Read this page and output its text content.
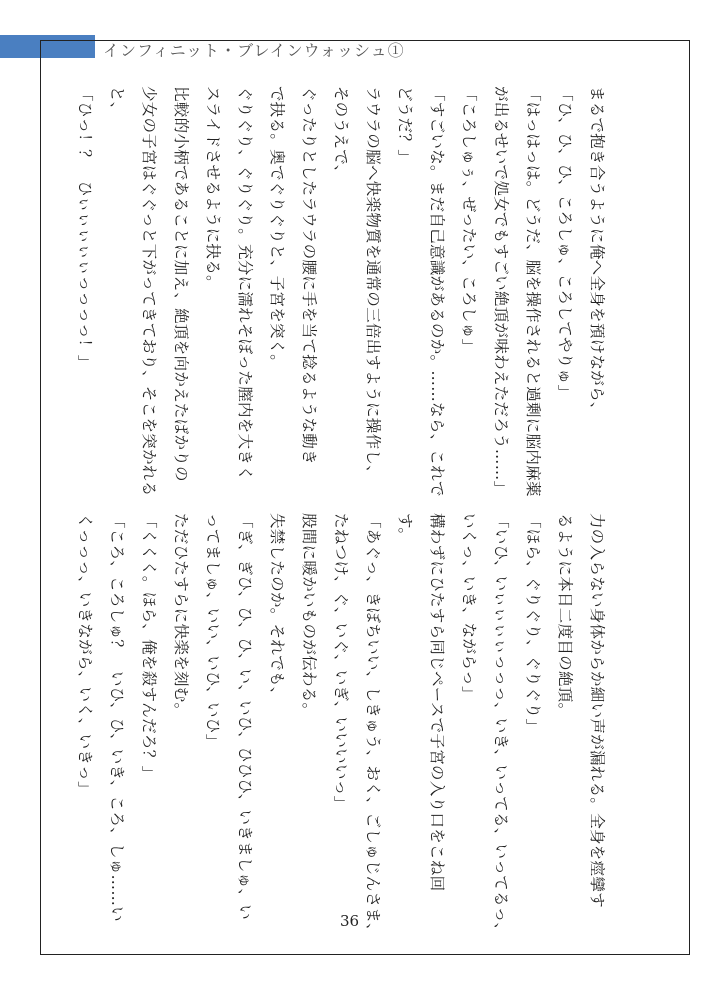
インフィニット・ブレインウォッシュ①
まるで抱き合うように俺へ全身を預けながら、
「ひ、ひ、ひ、ころしゅ、ころしてやりゅ」
「はっはっは。どうだ、脳を操作されると過剰に脳内麻薬
が出るせいで処女でもすごい絶頂が味わえただろう……」
「ころしゅぅ、ぜったい、ころしゅ」
「すごいな。まだ自己意識があるのか。……なら、これで
どうだ？」
ラウラの脳へ快楽物質を通常の三倍出すように操作し、
そのうえで、
ぐったりとしたラウラの腰に手を当て捻るような動き
で抉る。奥でぐりぐりと、子宮を突く。
ぐりぐり、ぐりぐり。充分に濡れそぼった膣内を大きく
スライドさせるように抉る。
比較的小柄であることに加え、絶頂を向かえたばかりの
少女の子宮はぐぐっと下がってきており、そこを突かれる
と、
「ひっ！？　ひぃぃぃぃぃっっっっ！」
力の入らない身体からか細い声が漏れる。全身を痙攣す
るように本日二度目の絶頂。
「ほら、ぐりぐり、ぐりぐり」
「いひ、いぃぃぃぃっっっ、いき、いってる、いってるっ、
いくっ、いき、ながらっ」
構わずにひたすら同じペースで子宮の入り口をこね回
す。
「あぐっ、きぼちいい、しきゅう、おく、ごしゅじんさま、
たねつけ、ぐ、いぐ、いぎ、いいいいっ」
股間に暖かいものが伝わる。
失禁したのか。それでも、
「ぎ、ぎひ、ひ、ひ、い、いひ、ひひひ、いきましゅ、い
ってましゅ、いい、いひ、いひ」
ただひたすらに快楽を刻む。
「くくく。ほら、俺を殺すんだろ？」
「ころ、ころしゅ？　いひ、ひ、いき、ころ、しゅ……い
くっっっ、いきながら、いく、いきっ」
36
